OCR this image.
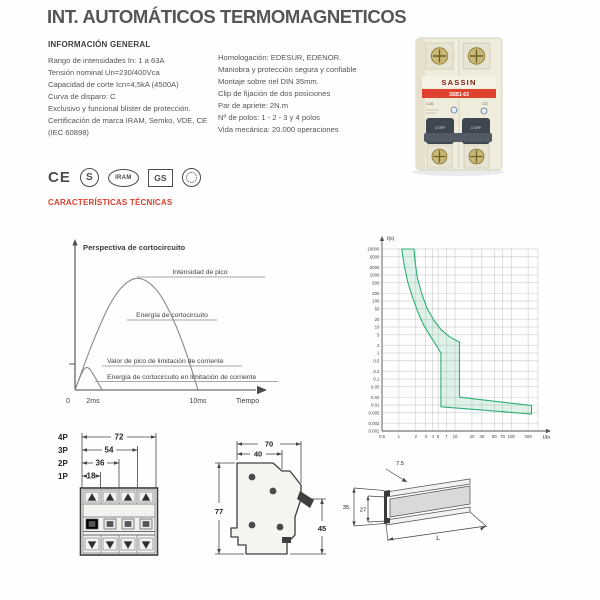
INT. AUTOMÁTICOS TERMOMAGNETICOS
INFORMACIÓN GENERAL
Rango de intensidades In: 1 a 63A
Tensión nominal Un=230/400Vca
Capacidad de corte Icn=4,5kA (4500A)
Curva de disparo: C
Exclusivo y funcional blister de protección.
Certificación de marca IRAM, Semko, VDE, CE (IEC 60898)
Homologación: EDESUR, EDENOR.
Maniobra y protección segura y confiable
Montaje sobre riel DIN 35mm.
Clip de fijación de dos posiciones
Par de apriete: 2N.m
Nº de polos: 1 - 2 - 3 y 4 polos
Vida mecánica: 20.000 operaciones
SASSIN
3SB1-63
C16	CE
O OFF	O OFF
CE	S	IRAM	GS
CARACTERÍSTICAS TÉCNICAS
Perspectiva de cortocircuito
Intensidad de pico
Energía de cortocircuito
Valor de pico de limitación de corriente
Energía de cortocircuito en limitación de corriente
0 2ms	10ms	Tiempo
t(s)
10000
5000
2000
1000
500
200
100
50
20
10
5
2
1
0.5
0.2
0.1
0.05
0.02
0.01
0.005
0.002
0.001
0.5	1	2 3 4 5 7 10	20 30 50 70 100 200 I/In
4P
3P
2P
1P
72
54
36
18
70
40
77
45
7.5
35 27
L
